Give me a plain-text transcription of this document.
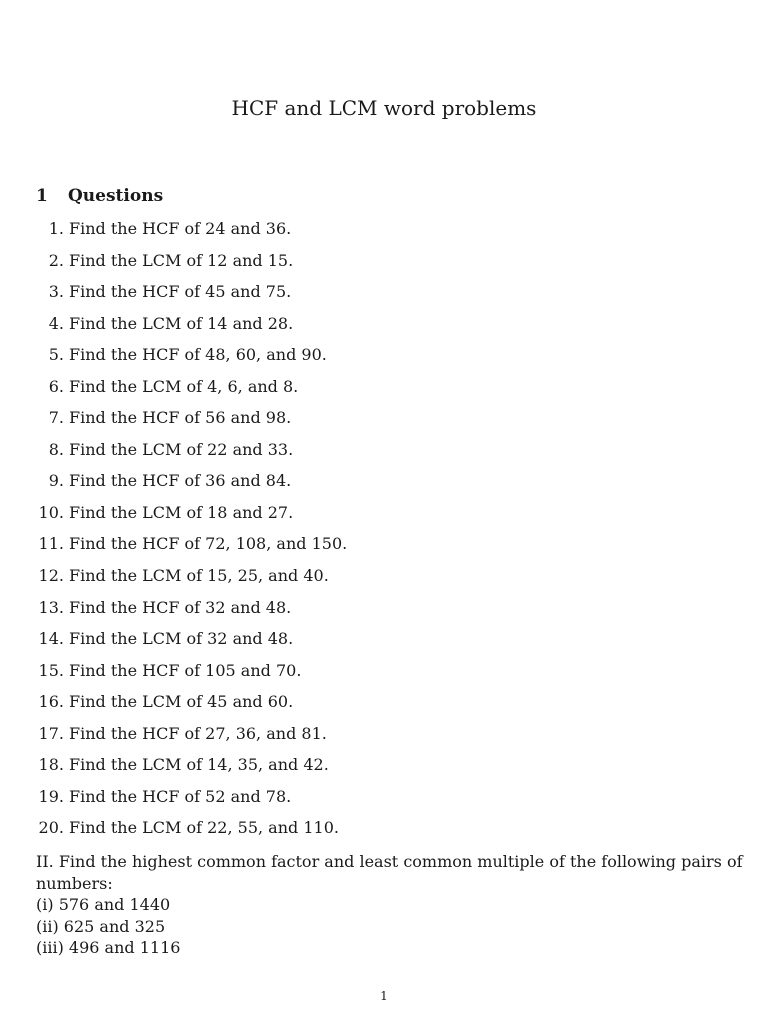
HCF and LCM word problems
1 Questions
1. Find the HCF of 24 and 36.
2. Find the LCM of 12 and 15.
3. Find the HCF of 45 and 75.
4. Find the LCM of 14 and 28.
5. Find the HCF of 48, 60, and 90.
6. Find the LCM of 4, 6, and 8.
7. Find the HCF of 56 and 98.
8. Find the LCM of 22 and 33.
9. Find the HCF of 36 and 84.
10. Find the LCM of 18 and 27.
11. Find the HCF of 72, 108, and 150.
12. Find the LCM of 15, 25, and 40.
13. Find the HCF of 32 and 48.
14. Find the LCM of 32 and 48.
15. Find the HCF of 105 and 70.
16. Find the LCM of 45 and 60.
17. Find the HCF of 27, 36, and 81.
18. Find the LCM of 14, 35, and 42.
19. Find the HCF of 52 and 78.
20. Find the LCM of 22, 55, and 110.
II. Find the highest common factor and least common multiple of the following pairs of
numbers:
(i) 576 and 1440
(ii) 625 and 325
(iii) 496 and 1116
1
